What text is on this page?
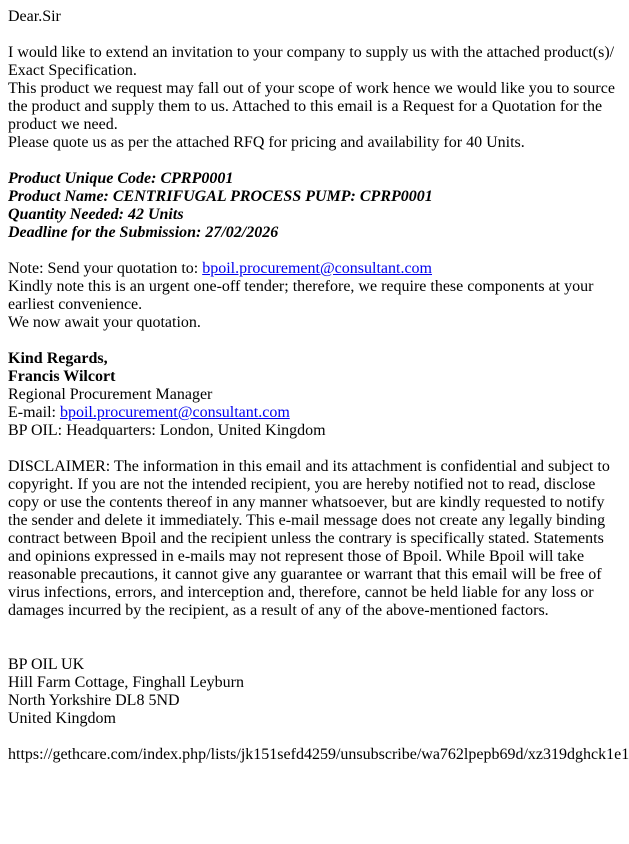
Dear.Sir
I would like to extend an invitation to your company to supply us with the attached product(s)/ Exact Specification.
This product we request may fall out of your scope of work hence we would like you to source the product and supply them to us. Attached to this email is a Request for a Quotation for the product we need.
Please quote us as per the attached RFQ for pricing and availability for 40 Units.
Product Unique Code: CPRP0001
Product Name: CENTRIFUGAL PROCESS PUMP: CPRP0001
Quantity Needed: 42 Units
Deadline for the Submission: 27/02/2026
Note: Send your quotation to: bpoil.procurement@consultant.com
Kindly note this is an urgent one-off tender; therefore, we require these components at your earliest convenience.
We now await your quotation.
Kind Regards,
Francis Wilcort
Regional Procurement Manager
E-mail: bpoil.procurement@consultant.com
BP OIL: Headquarters: London, United Kingdom
DISCLAIMER: The information in this email and its attachment is confidential and subject to copyright. If you are not the intended recipient, you are hereby notified not to read, disclose copy or use the contents thereof in any manner whatsoever, but are kindly requested to notify the sender and delete it immediately. This e-mail message does not create any legally binding contract between Bpoil and the recipient unless the contrary is specifically stated. Statements and opinions expressed in e-mails may not represent those of Bpoil. While Bpoil will take reasonable precautions, it cannot give any guarantee or warrant that this email will be free of virus infections, errors, and interception and, therefore, cannot be held liable for any loss or damages incurred by the recipient, as a result of any of the above-mentioned factors.
BP OIL UK
Hill Farm Cottage, Finghall Leyburn
North Yorkshire DL8 5ND
United Kingdom
https://gethcare.com/index.php/lists/jk151sefd4259/unsubscribe/wa762lpepb69d/xz319dghck1e1
